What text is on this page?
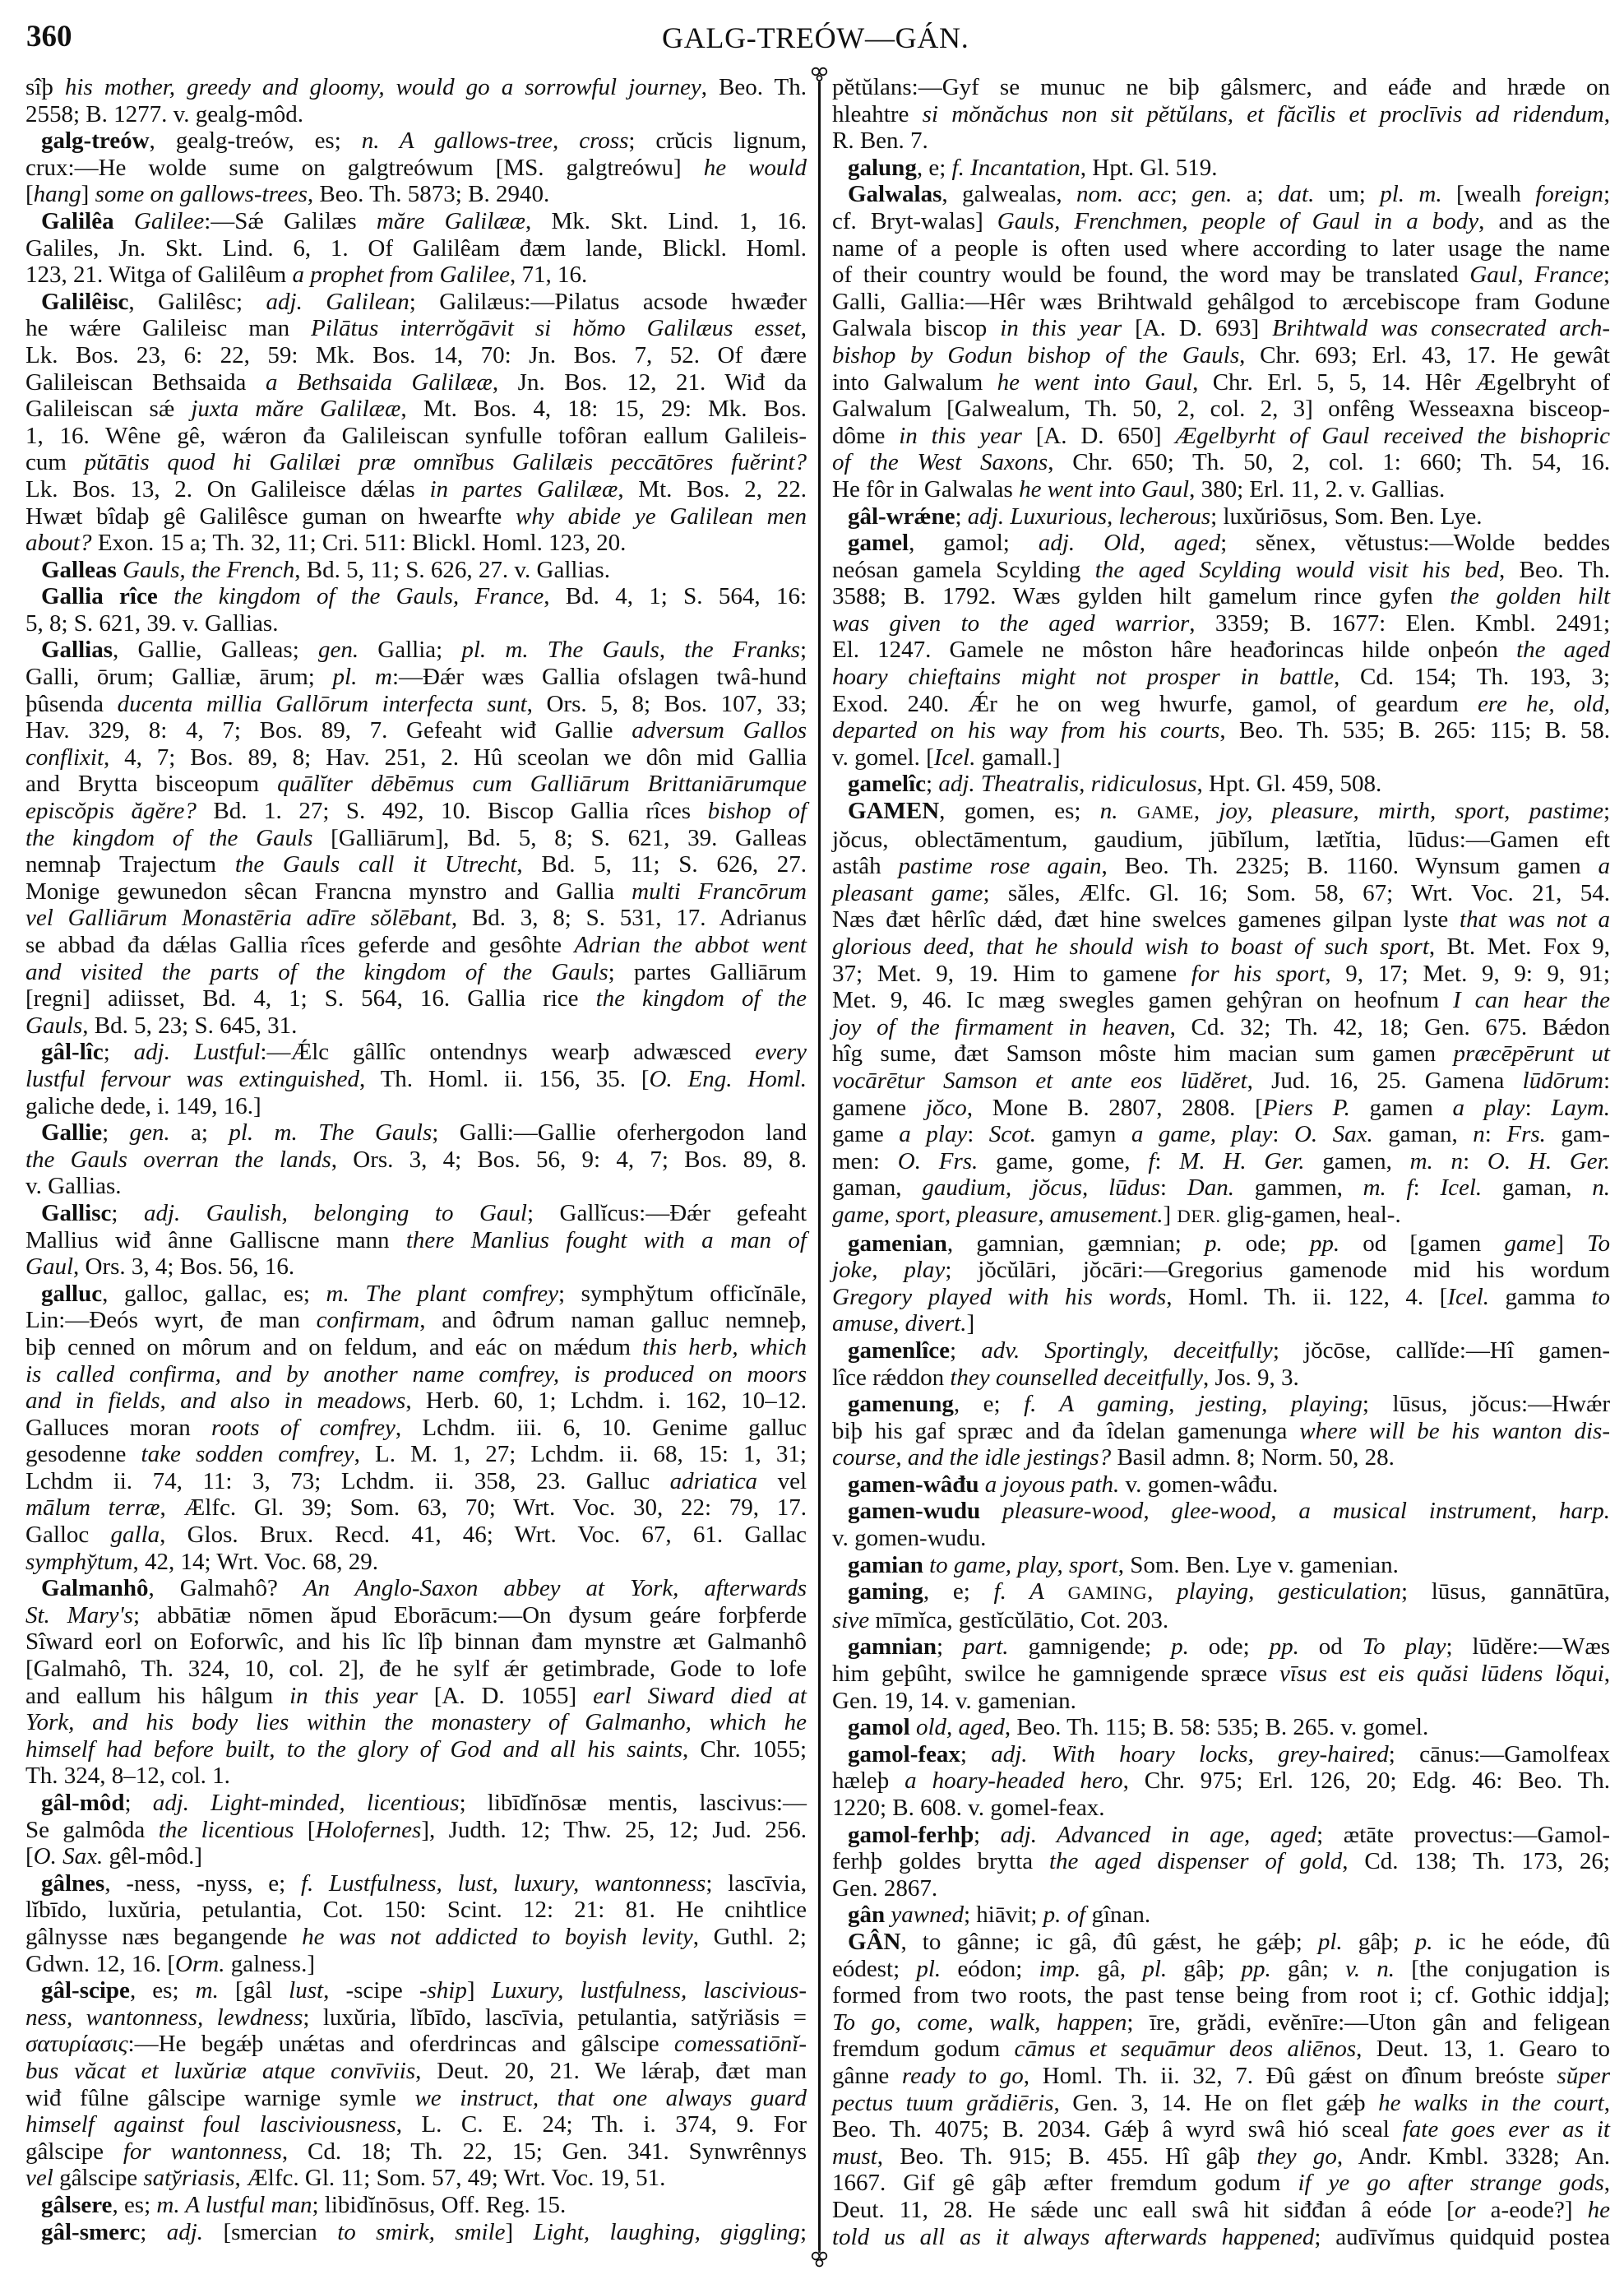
360	GALG-TREÓW—GÁN.
sîþ his mother, greedy and gloomy, would go a sorrowful journey, Beo. Th.
2558; B. 1277. v. gealg-môd.
galg-treów, gealg-treów, es; n. A gallows-tree, cross; crŭcis lignum,
crux:—He wolde sume on galgtreówum [MS. galgtreówu] he would
[hang] some on gallows-trees, Beo. Th. 5873; B. 2940.
Galilêa Galilee:—Sǽ Galilæs măre Galilææ, Mk. Skt. Lind. 1, 16.
Galiles, Jn. Skt. Lind. 6, 1. Of Galilêam đæm lande, Blickl. Homl.
123, 21. Witga of Galilêum a prophet from Galilee, 71, 16.
Galilêisc, Galilêsc; adj. Galilean; Galilæus:—Pilatus acsode hwæđer
he wǽre Galileisc man Pilātus interrŏgāvit si hŏmo Galilæus esset,
Lk. Bos. 23, 6: 22, 59: Mk. Bos. 14, 70: Jn. Bos. 7, 52. Of đære
Galileiscan Bethsaida a Bethsaida Galilææ, Jn. Bos. 12, 21. Wiđ da
Galileiscan sǽ juxta măre Galilææ, Mt. Bos. 4, 18: 15, 29: Mk. Bos.
1, 16. Wêne gê, wǽron đa Galileiscan synfulle tofôran eallum Galileis-
cum pŭtātis quod hi Galilæi præ omnĭbus Galilæis peccātōres fuĕrint?
Lk. Bos. 13, 2. On Galileisce dǽlas in partes Galilææ, Mt. Bos. 2, 22.
Hwæt bîdaþ gê Galilêsce guman on hwearfte why abide ye Galilean men
about? Exon. 15 a; Th. 32, 11; Cri. 511: Blickl. Homl. 123, 20.
Galleas Gauls, the French, Bd. 5, 11; S. 626, 27. v. Gallias.
Gallia rîce the kingdom of the Gauls, France, Bd. 4, 1; S. 564, 16:
5, 8; S. 621, 39. v. Gallias.
Gallias, Gallie, Galleas; gen. Gallia; pl. m. The Gauls, the Franks;
Galli, ōrum; Galliæ, ārum; pl. m:—Đǽr wæs Gallia ofslagen twâ-hund
þûsenda ducenta millia Gallōrum interfecta sunt, Ors. 5, 8; Bos. 107, 33;
Hav. 329, 8: 4, 7; Bos. 89, 7. Gefeaht wiđ Gallie adversum Gallos
conflixit, 4, 7; Bos. 89, 8; Hav. 251, 2. Hû sceolan we dôn mid Gallia
and Brytta bisceopum quālĭter dēbēmus cum Galliārum Brittaniārumque
episcŏpis ăgĕre? Bd. 1. 27; S. 492, 10. Biscop Gallia rîces bishop of
the kingdom of the Gauls [Galliārum], Bd. 5, 8; S. 621, 39. Galleas
nemnaþ Trajectum the Gauls call it Utrecht, Bd. 5, 11; S. 626, 27.
Monige gewunedon sêcan Francna mynstro and Gallia multi Francōrum
vel Galliārum Monastēria adīre sŏlēbant, Bd. 3, 8; S. 531, 17. Adrianus
se abbad đa dǽlas Gallia rîces geferde and gesôhte Adrian the abbot went
and visited the parts of the kingdom of the Gauls; partes Galliārum
[regni] adiisset, Bd. 4, 1; S. 564, 16. Gallia rice the kingdom of the
Gauls, Bd. 5, 23; S. 645, 31.
gâl-lîc; adj. Lustful:—Ǽlc gâllîc ontendnys wearþ adwæsced every
lustful fervour was extinguished, Th. Homl. ii. 156, 35. [O. Eng. Homl.
galiche dede, i. 149, 16.]
Gallie; gen. a; pl. m. The Gauls; Galli:—Gallie oferhergodon land
the Gauls overran the lands, Ors. 3, 4; Bos. 56, 9: 4, 7; Bos. 89, 8.
v. Gallias.
Gallisc; adj. Gaulish, belonging to Gaul; Gallĭcus:—Đǽr gefeaht
Mallius wiđ ânne Galliscne mann there Manlius fought with a man of
Gaul, Ors. 3, 4; Bos. 56, 16.
galluc, galloc, gallac, es; m. The plant comfrey; symphy̆tum officĭnāle,
Lin:—Đeós wyrt, đe man confirmam, and ôđrum naman galluc nemneþ,
biþ cenned on môrum and on feldum, and eác on mǽdum this herb, which
is called confirma, and by another name comfrey, is produced on moors
and in fields, and also in meadows, Herb. 60, 1; Lchdm. i. 162, 10–12.
Galluces moran roots of comfrey, Lchdm. iii. 6, 10. Genime galluc
gesodenne take sodden comfrey, L. M. 1, 27; Lchdm. ii. 68, 15: 1, 31;
Lchdm ii. 74, 11: 3, 73; Lchdm. ii. 358, 23. Galluc adriatica vel
mālum terræ, Ælfc. Gl. 39; Som. 63, 70; Wrt. Voc. 30, 22: 79, 17.
Galloc galla, Glos. Brux. Recd. 41, 46; Wrt. Voc. 67, 61. Gallac
symphy̆tum, 42, 14; Wrt. Voc. 68, 29.
Galmanhô, Galmahô? An Anglo-Saxon abbey at York, afterwards
St. Mary's; abbātiæ nōmen ăpud Eborācum:—On đysum geáre forþferde
Sîward eorl on Eoforwîc, and his lîc lîþ binnan đam mynstre æt Galmanhô
[Galmahô, Th. 324, 10, col. 2], đe he sylf ǽr getimbrade, Gode to lofe
and eallum his hâlgum in this year [A. D. 1055] earl Siward died at
York, and his body lies within the monastery of Galmanho, which he
himself had before built, to the glory of God and all his saints, Chr. 1055;
Th. 324, 8–12, col. 1.
gâl-môd; adj. Light-minded, licentious; libīdĭnōsæ mentis, lascivus:—
Se galmôda the licentious [Holofernes], Judth. 12; Thw. 25, 12; Jud. 256.
[O. Sax. gêl-môd.]
gâlnes, -ness, -nyss, e; f. Lustfulness, lust, luxury, wantonness; lascīvia,
lĭbīdo, luxŭria, petulantia, Cot. 150: Scint. 12: 21: 81. He cnihtlice
gâlnysse næs begangende he was not addicted to boyish levity, Guthl. 2;
Gdwn. 12, 16. [Orm. galness.]
gâl-scipe, es; m. [gâl lust, -scipe -ship] Luxury, lustfulness, lascivious-
ness, wantonness, lewdness; luxŭria, lĭbīdo, lascīvia, petulantia, saty̆riăsis =
σατυρίασις:—He begǽþ unǽtas and oferdrincas and gâlscipe comessatiōnĭ-
bus văcat et luxŭriæ atque convīviis, Deut. 20, 21. We lǽraþ, đæt man
wiđ fûlne gâlscipe warnige symle we instruct, that one always guard
himself against foul lasciviousness, L. C. E. 24; Th. i. 374, 9. For
gâlscipe for wantonness, Cd. 18; Th. 22, 15; Gen. 341. Synwrênnys
vel gâlscipe saty̆riasis, Ælfc. Gl. 11; Som. 57, 49; Wrt. Voc. 19, 51.
gâlsere, es; m. A lustful man; libidĭnōsus, Off. Reg. 15.
gâl-smerc; adj. [smercian to smirk, smile] Light, laughing, giggling;
pĕtŭlans:—Gyf se munuc ne biþ gâlsmerc, and eáđe and hræde on
hleahtre si mŏnăchus non sit pĕtŭlans, et făcĭlis et proclīvis ad ridendum,
R. Ben. 7.
galung, e; f. Incantation, Hpt. Gl. 519.
Galwalas, galwealas, nom. acc; gen. a; dat. um; pl. m. [wealh foreign;
cf. Bryt-walas] Gauls, Frenchmen, people of Gaul in a body, and as the
name of a people is often used where according to later usage the name
of their country would be found, the word may be translated Gaul, France;
Galli, Gallia:—Hêr wæs Brihtwald gehâlgod to ærcebiscope fram Godune
Galwala biscop in this year [A. D. 693] Brihtwald was consecrated arch-
bishop by Godun bishop of the Gauls, Chr. 693; Erl. 43, 17. He gewât
into Galwalum he went into Gaul, Chr. Erl. 5, 5, 14. Hêr Ægelbryht of
Galwalum [Galwealum, Th. 50, 2, col. 2, 3] onfêng Wesseaxna bisceop-
dôme in this year [A. D. 650] Ægelbyrht of Gaul received the bishopric
of the West Saxons, Chr. 650; Th. 50, 2, col. 1: 660; Th. 54, 16.
He fôr in Galwalas he went into Gaul, 380; Erl. 11, 2. v. Gallias.
gâl-wrǽne; adj. Luxurious, lecherous; luxŭriōsus, Som. Ben. Lye.
gamel, gamol; adj. Old, aged; sĕnex, vĕtustus:—Wolde beddes
neósan gamela Scylding the aged Scylding would visit his bed, Beo. Th.
3588; B. 1792. Wæs gylden hilt gamelum rince gyfen the golden hilt
was given to the aged warrior, 3359; B. 1677: Elen. Kmbl. 2491;
El. 1247. Gamele ne môston hâre heađorincas hilde onþeón the aged
hoary chieftains might not prosper in battle, Cd. 154; Th. 193, 3;
Exod. 240. Ǽr he on weg hwurfe, gamol, of geardum ere he, old,
departed on his way from his courts, Beo. Th. 535; B. 265: 115; B. 58.
v. gomel. [Icel. gamall.]
gamelîc; adj. Theatralis, ridiculosus, Hpt. Gl. 459, 508.
GAMEN, gomen, es; n. GAME, joy, pleasure, mirth, sport, pastime;
jŏcus, oblectāmentum, gaudium, jūbĭlum, lætĭtia, lūdus:—Gamen eft
astâh pastime rose again, Beo. Th. 2325; B. 1160. Wynsum gamen a
pleasant game; săles, Ælfc. Gl. 16; Som. 58, 67; Wrt. Voc. 21, 54.
Næs đæt hêrlîc dǽd, đæt hine swelces gamenes gilpan lyste that was not a
glorious deed, that he should wish to boast of such sport, Bt. Met. Fox 9,
37; Met. 9, 19. Him to gamene for his sport, 9, 17; Met. 9, 9: 9, 91;
Met. 9, 46. Ic mæg swegles gamen gehŷran on heofnum I can hear the
joy of the firmament in heaven, Cd. 32; Th. 42, 18; Gen. 675. Bǽdon
hîg sume, đæt Samson môste him macian sum gamen præcēpērunt ut
vocārētur Samson et ante eos lūdĕret, Jud. 16, 25. Gamena lūdōrum:
gamene jŏco, Mone B. 2807, 2808. [Piers P. gamen a play: Laym.
game a play: Scot. gamyn a game, play: O. Sax. gaman, n: Frs. gam-
men: O. Frs. game, gome, f: M. H. Ger. gamen, m. n: O. H. Ger.
gaman, gaudium, jŏcus, lūdus: Dan. gammen, m. f: Icel. gaman, n.
game, sport, pleasure, amusement.] DER. glig-gamen, heal-.
gamenian, gamnian, gæmnian; p. ode; pp. od [gamen game] To
joke, play; jŏcŭlāri, jŏcāri:—Gregorius gamenode mid his wordum
Gregory played with his words, Homl. Th. ii. 122, 4. [Icel. gamma to
amuse, divert.]
gamenlîce; adv. Sportingly, deceitfully; jŏcōse, callĭde:—Hî gamen-
lîce rǽddon they counselled deceitfully, Jos. 9, 3.
gamenung, e; f. A gaming, jesting, playing; lūsus, jŏcus:—Hwǽr
biþ his gaf spræc and đa îdelan gamenunga where will be his wanton dis-
course, and the idle jestings? Basil admn. 8; Norm. 50, 28.
gamen-wâđu a joyous path. v. gomen-wâđu.
gamen-wudu pleasure-wood, glee-wood, a musical instrument, harp.
v. gomen-wudu.
gamian to game, play, sport, Som. Ben. Lye v. gamenian.
gaming, e; f. A GAMING, playing, gesticulation; lūsus, gannātūra,
sive mīmĭca, gestĭcŭlātio, Cot. 203.
gamnian; part. gamnigende; p. ode; pp. od To play; lūdĕre:—Wæs
him geþûht, swilce he gamnigende spræce vīsus est eis quăsi lūdens lŏqui,
Gen. 19, 14. v. gamenian.
gamol old, aged, Beo. Th. 115; B. 58: 535; B. 265. v. gomel.
gamol-feax; adj. With hoary locks, grey-haired; cānus:—Gamolfeax
hæleþ a hoary-headed hero, Chr. 975; Erl. 126, 20; Edg. 46: Beo. Th.
1220; B. 608. v. gomel-feax.
gamol-ferhþ; adj. Advanced in age, aged; ætāte provectus:—Gamol-
ferhþ goldes brytta the aged dispenser of gold, Cd. 138; Th. 173, 26;
Gen. 2867.
gân yawned; hiāvit; p. of gînan.
GÂN, to gânne; ic gâ, đû gǽst, he gǽþ; pl. gâþ; p. ic he eóde, đû
eódest; pl. eódon; imp. gâ, pl. gâþ; pp. gân; v. n. [the conjugation is
formed from two roots, the past tense being from root i; cf. Gothic iddja];
To go, come, walk, happen; īre, grădi, evĕnīre:—Uton gân and feligean
fremdum godum cāmus et sequāmur deos aliēnos, Deut. 13, 1. Gearo to
gânne ready to go, Homl. Th. ii. 32, 7. Đû gǽst on đînum breóste sŭper
pectus tuum grădiēris, Gen. 3, 14. He on flet gǽþ he walks in the court,
Beo. Th. 4075; B. 2034. Gǽþ â wyrd swâ hió sceal fate goes ever as it
must, Beo. Th. 915; B. 455. Hî gâþ they go, Andr. Kmbl. 3328; An.
1667. Gif gê gâþ æfter fremdum godum if ye go after strange gods,
Deut. 11, 28. He sǽde unc eall swâ hit siđđan â eóde [or a-eode?] he
told us all as it always afterwards happened; audīvĭmus quidquid postea
